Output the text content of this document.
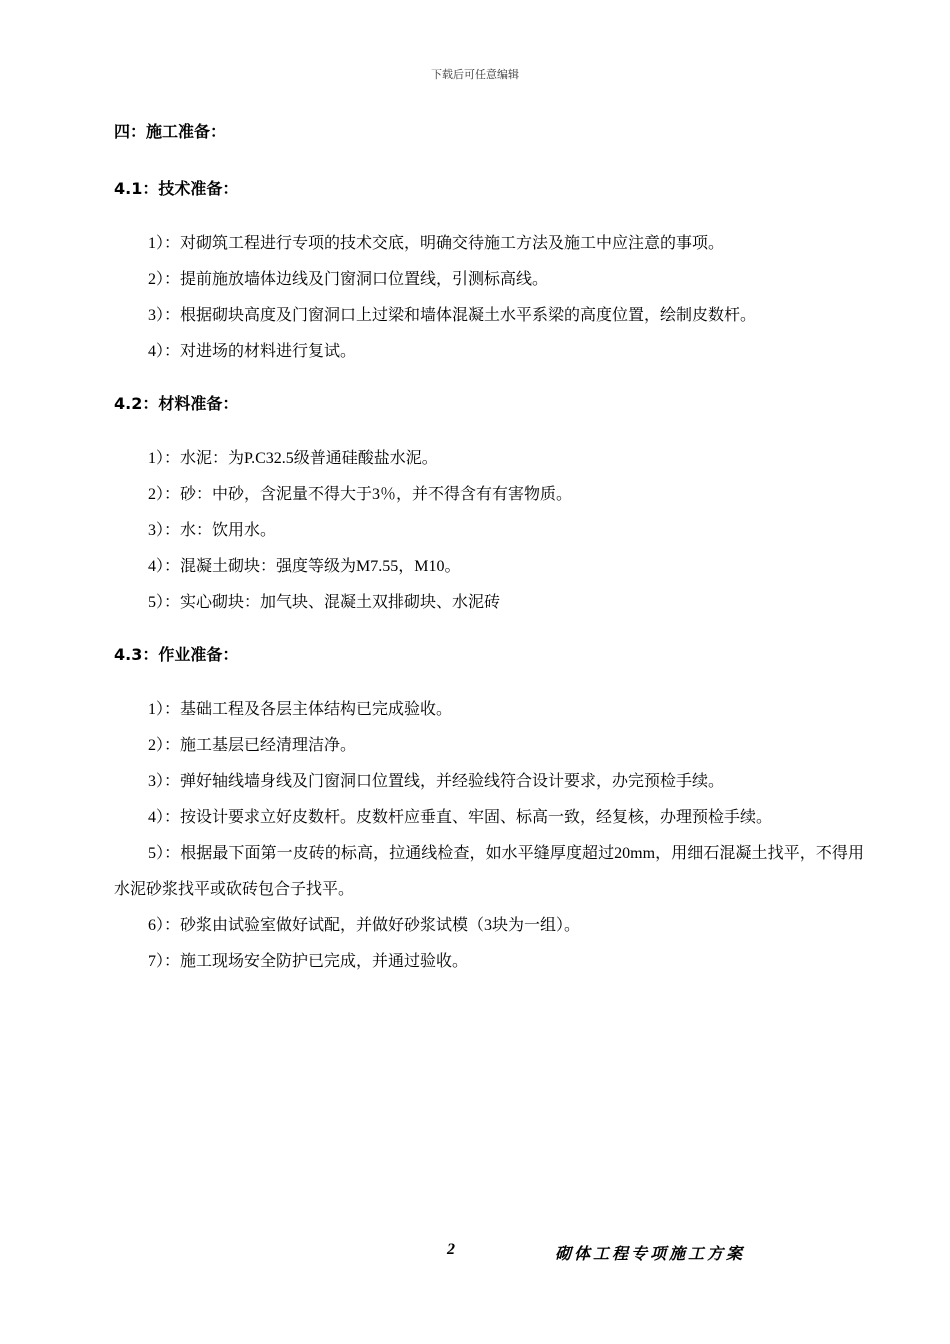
下载后可任意编辑
四：施工准备：
4.1：技术准备：

1）：对砌筑工程进行专项的技术交底，明确交待施工方法及施工中应注意的事项。

2）：提前施放墙体边线及门窗洞口位置线，引测标高线。

3）：根据砌块高度及门窗洞口上过梁和墙体混凝土水平系梁的高度位置，绘制皮数杆。

4）：对进场的材料进行复试。

4.2：材料准备：

1）：水泥：为P.C32.5级普通硅酸盐水泥。

2）：砂：中砂，含泥量不得大于3％，并不得含有有害物质。

3）：水：饮用水。

4）：混凝土砌块：强度等级为M7.55，M10。

5）：实心砌块：加气块、混凝土双排砌块、水泥砖

4.3：作业准备：

1）：基础工程及各层主体结构已完成验收。

2）：施工基层已经清理洁净。

3）：弹好轴线墙身线及门窗洞口位置线，并经验线符合设计要求，办完预检手续。

4）：按设计要求立好皮数杆。皮数杆应垂直、牢固、标高一致，经复核，办理预检手续。

5）：根据最下面第一皮砖的标高，拉通线检查，如水平缝厚度超过20mm，用细石混凝土找平，不得用水泥砂浆找平或砍砖包合子找平。

6）：砂浆由试验室做好试配，并做好砂浆试模（3块为一组）。

7）：施工现场安全防护已完成，并通过验收。

2	砌体工程专项施工方案
